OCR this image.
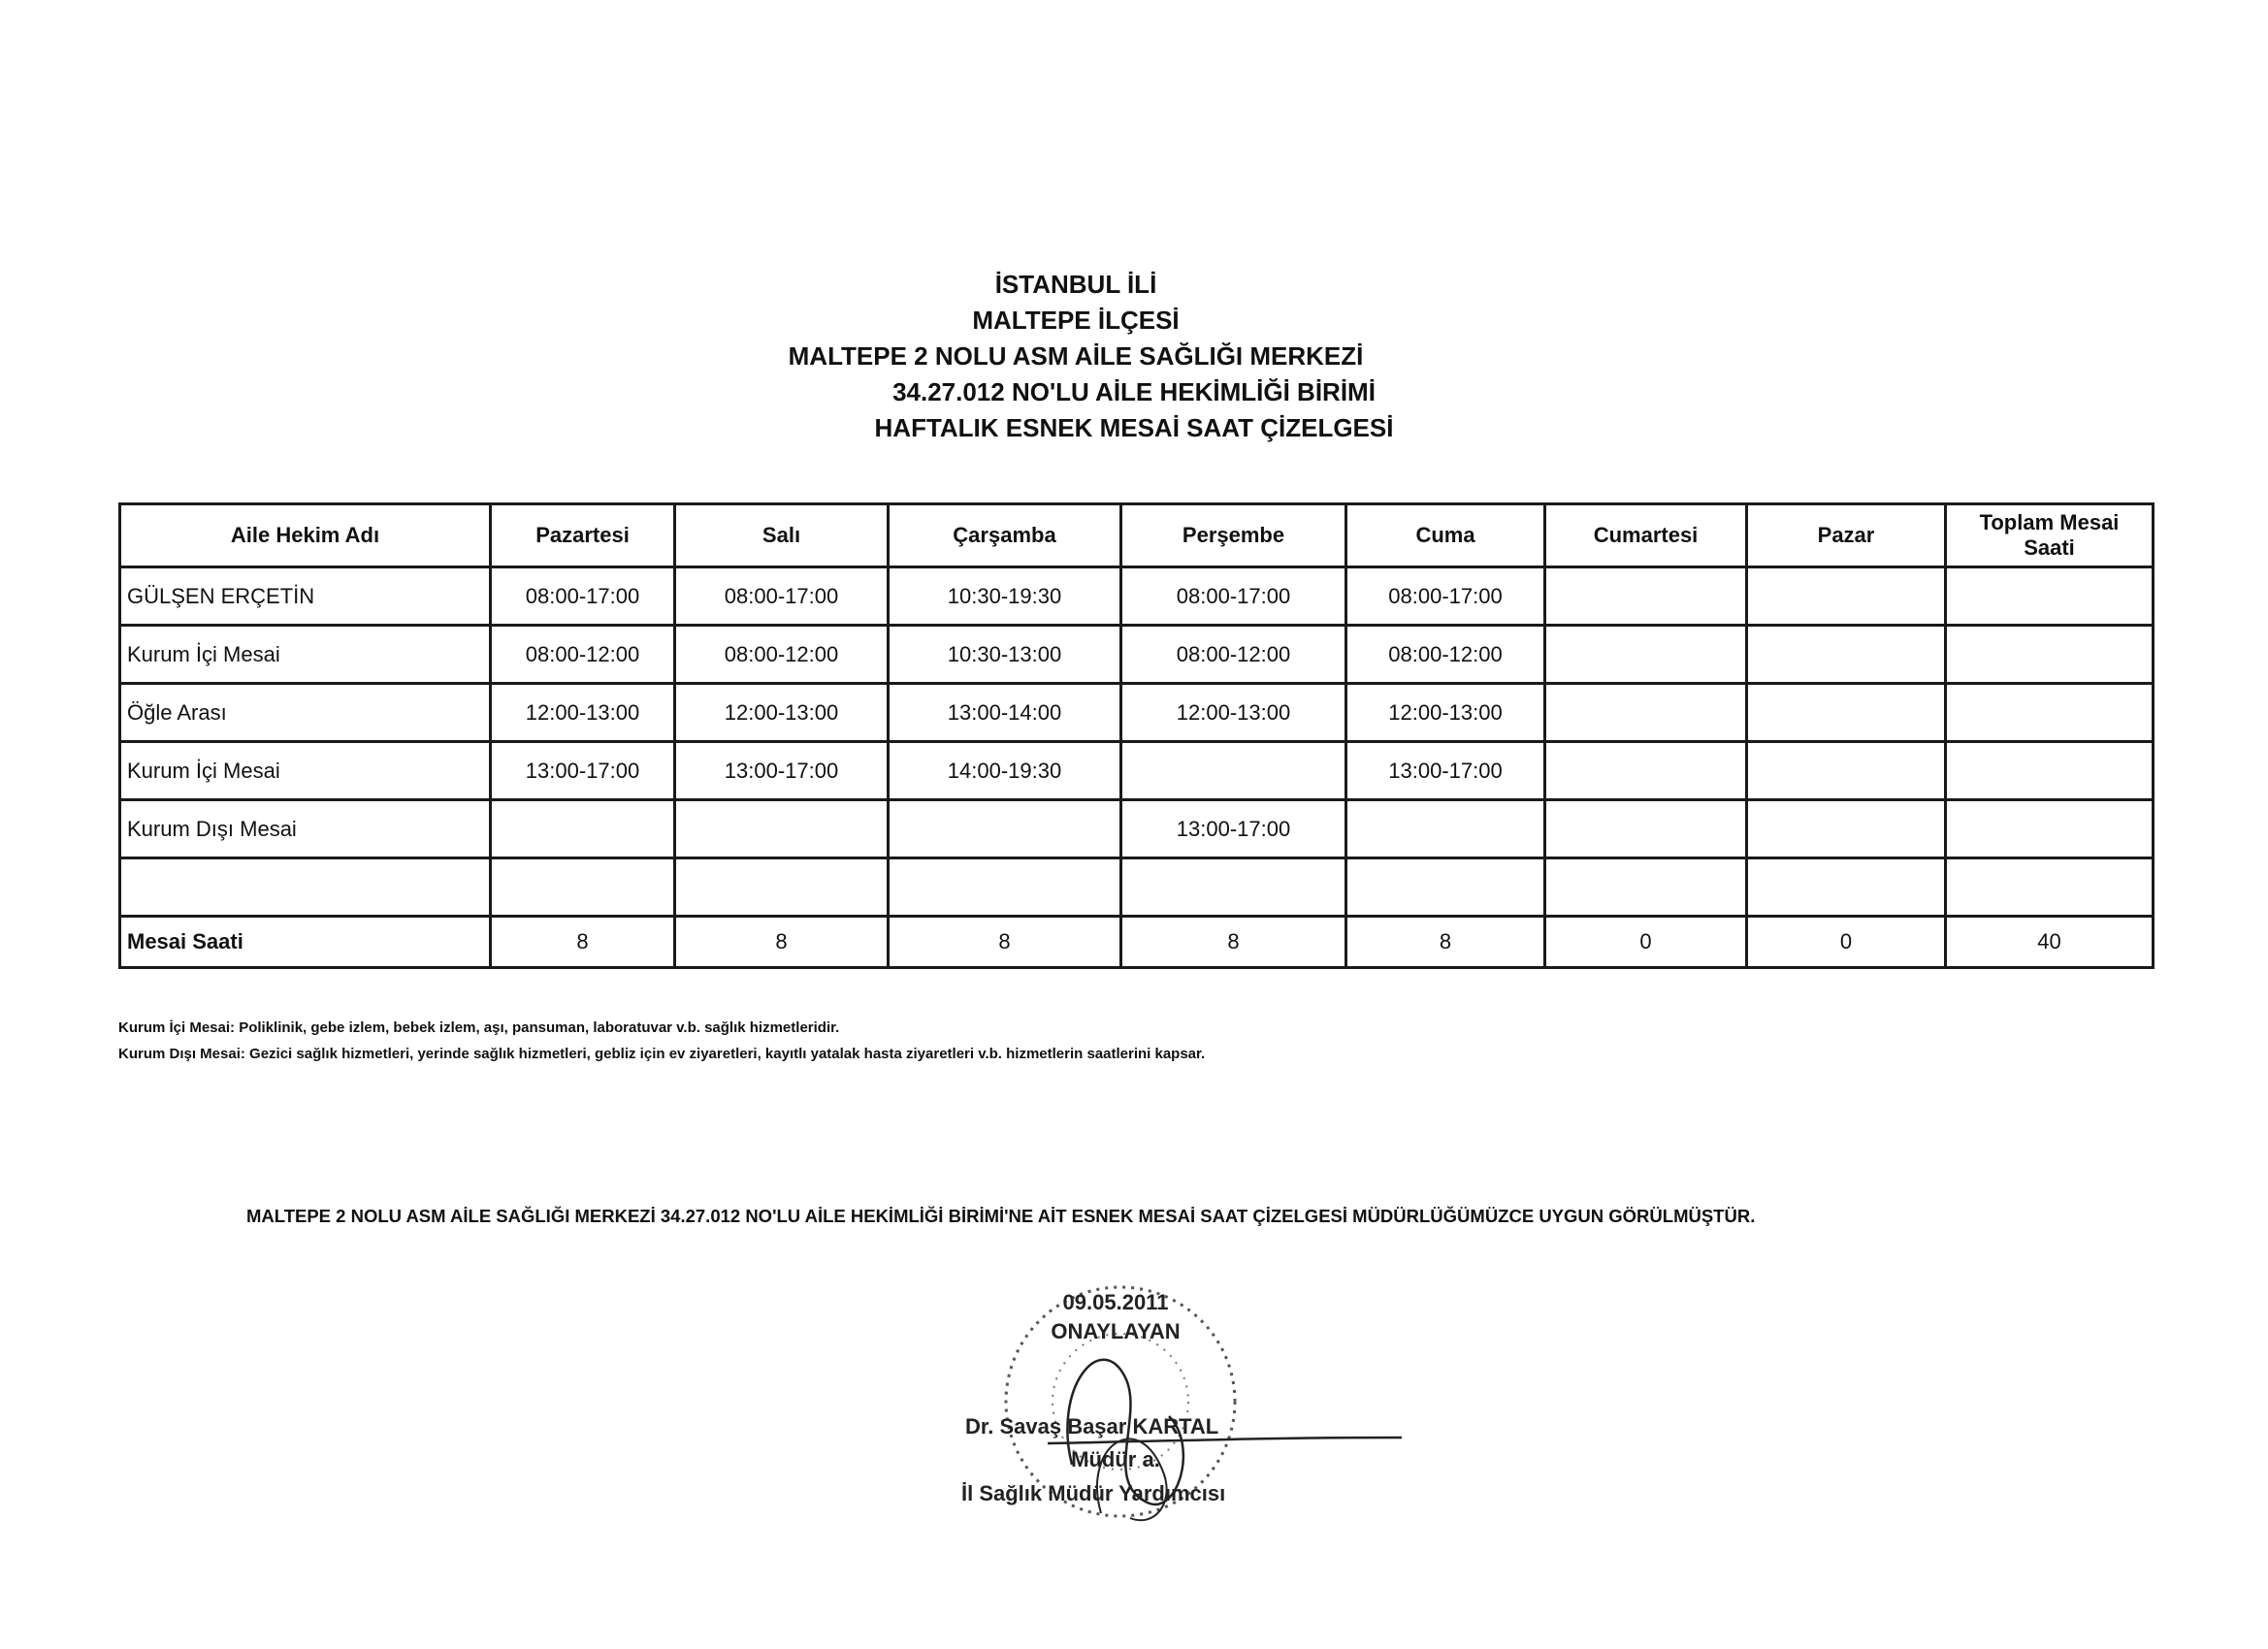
İSTANBUL İLİ
MALTEPE İLÇESİ
MALTEPE 2 NOLU ASM AİLE SAĞLIĞI MERKEZİ
34.27.012 NO'LU AİLE HEKİMLİĞİ BİRİMİ
HAFTALIK ESNEK MESAİ SAAT ÇİZELGESİ
Aile Hekim Adı	Pazartesi	Salı	Çarşamba	Perşembe	Cuma	Cumartesi	Pazar	Toplam Mesai Saati
GÜLŞEN ERÇETİN	08:00-17:00	08:00-17:00	10:30-19:30	08:00-17:00	08:00-17:00			
Kurum İçi Mesai	08:00-12:00	08:00-12:00	10:30-13:00	08:00-12:00	08:00-12:00			
Öğle Arası	12:00-13:00	12:00-13:00	13:00-14:00	12:00-13:00	12:00-13:00			
Kurum İçi Mesai	13:00-17:00	13:00-17:00	14:00-19:30		13:00-17:00			
Kurum Dışı Mesai				13:00-17:00				

Mesai Saati	8	8	8	8	8	0	0	40
Kurum İçi Mesai: Poliklinik, gebe izlem, bebek izlem, aşı, pansuman, laboratuvar v.b. sağlık hizmetleridir.
Kurum Dışı Mesai: Gezici sağlık hizmetleri, yerinde sağlık hizmetleri, gebliz için ev ziyaretleri, kayıtlı yatalak hasta ziyaretleri v.b. hizmetlerin saatlerini kapsar.
MALTEPE 2 NOLU ASM AİLE SAĞLIĞI MERKEZİ 34.27.012 NO'LU AİLE HEKİMLİĞİ BİRİMİ'NE AİT ESNEK MESAİ SAAT ÇİZELGESİ MÜDÜRLÜĞÜMÜZCE UYGUN GÖRÜLMÜŞTÜR.
09.05.2011
ONAYLAYAN
Dr. Savaş Başar KARTAL
Müdür a.
İl Sağlık Müdür Yardımcısı
